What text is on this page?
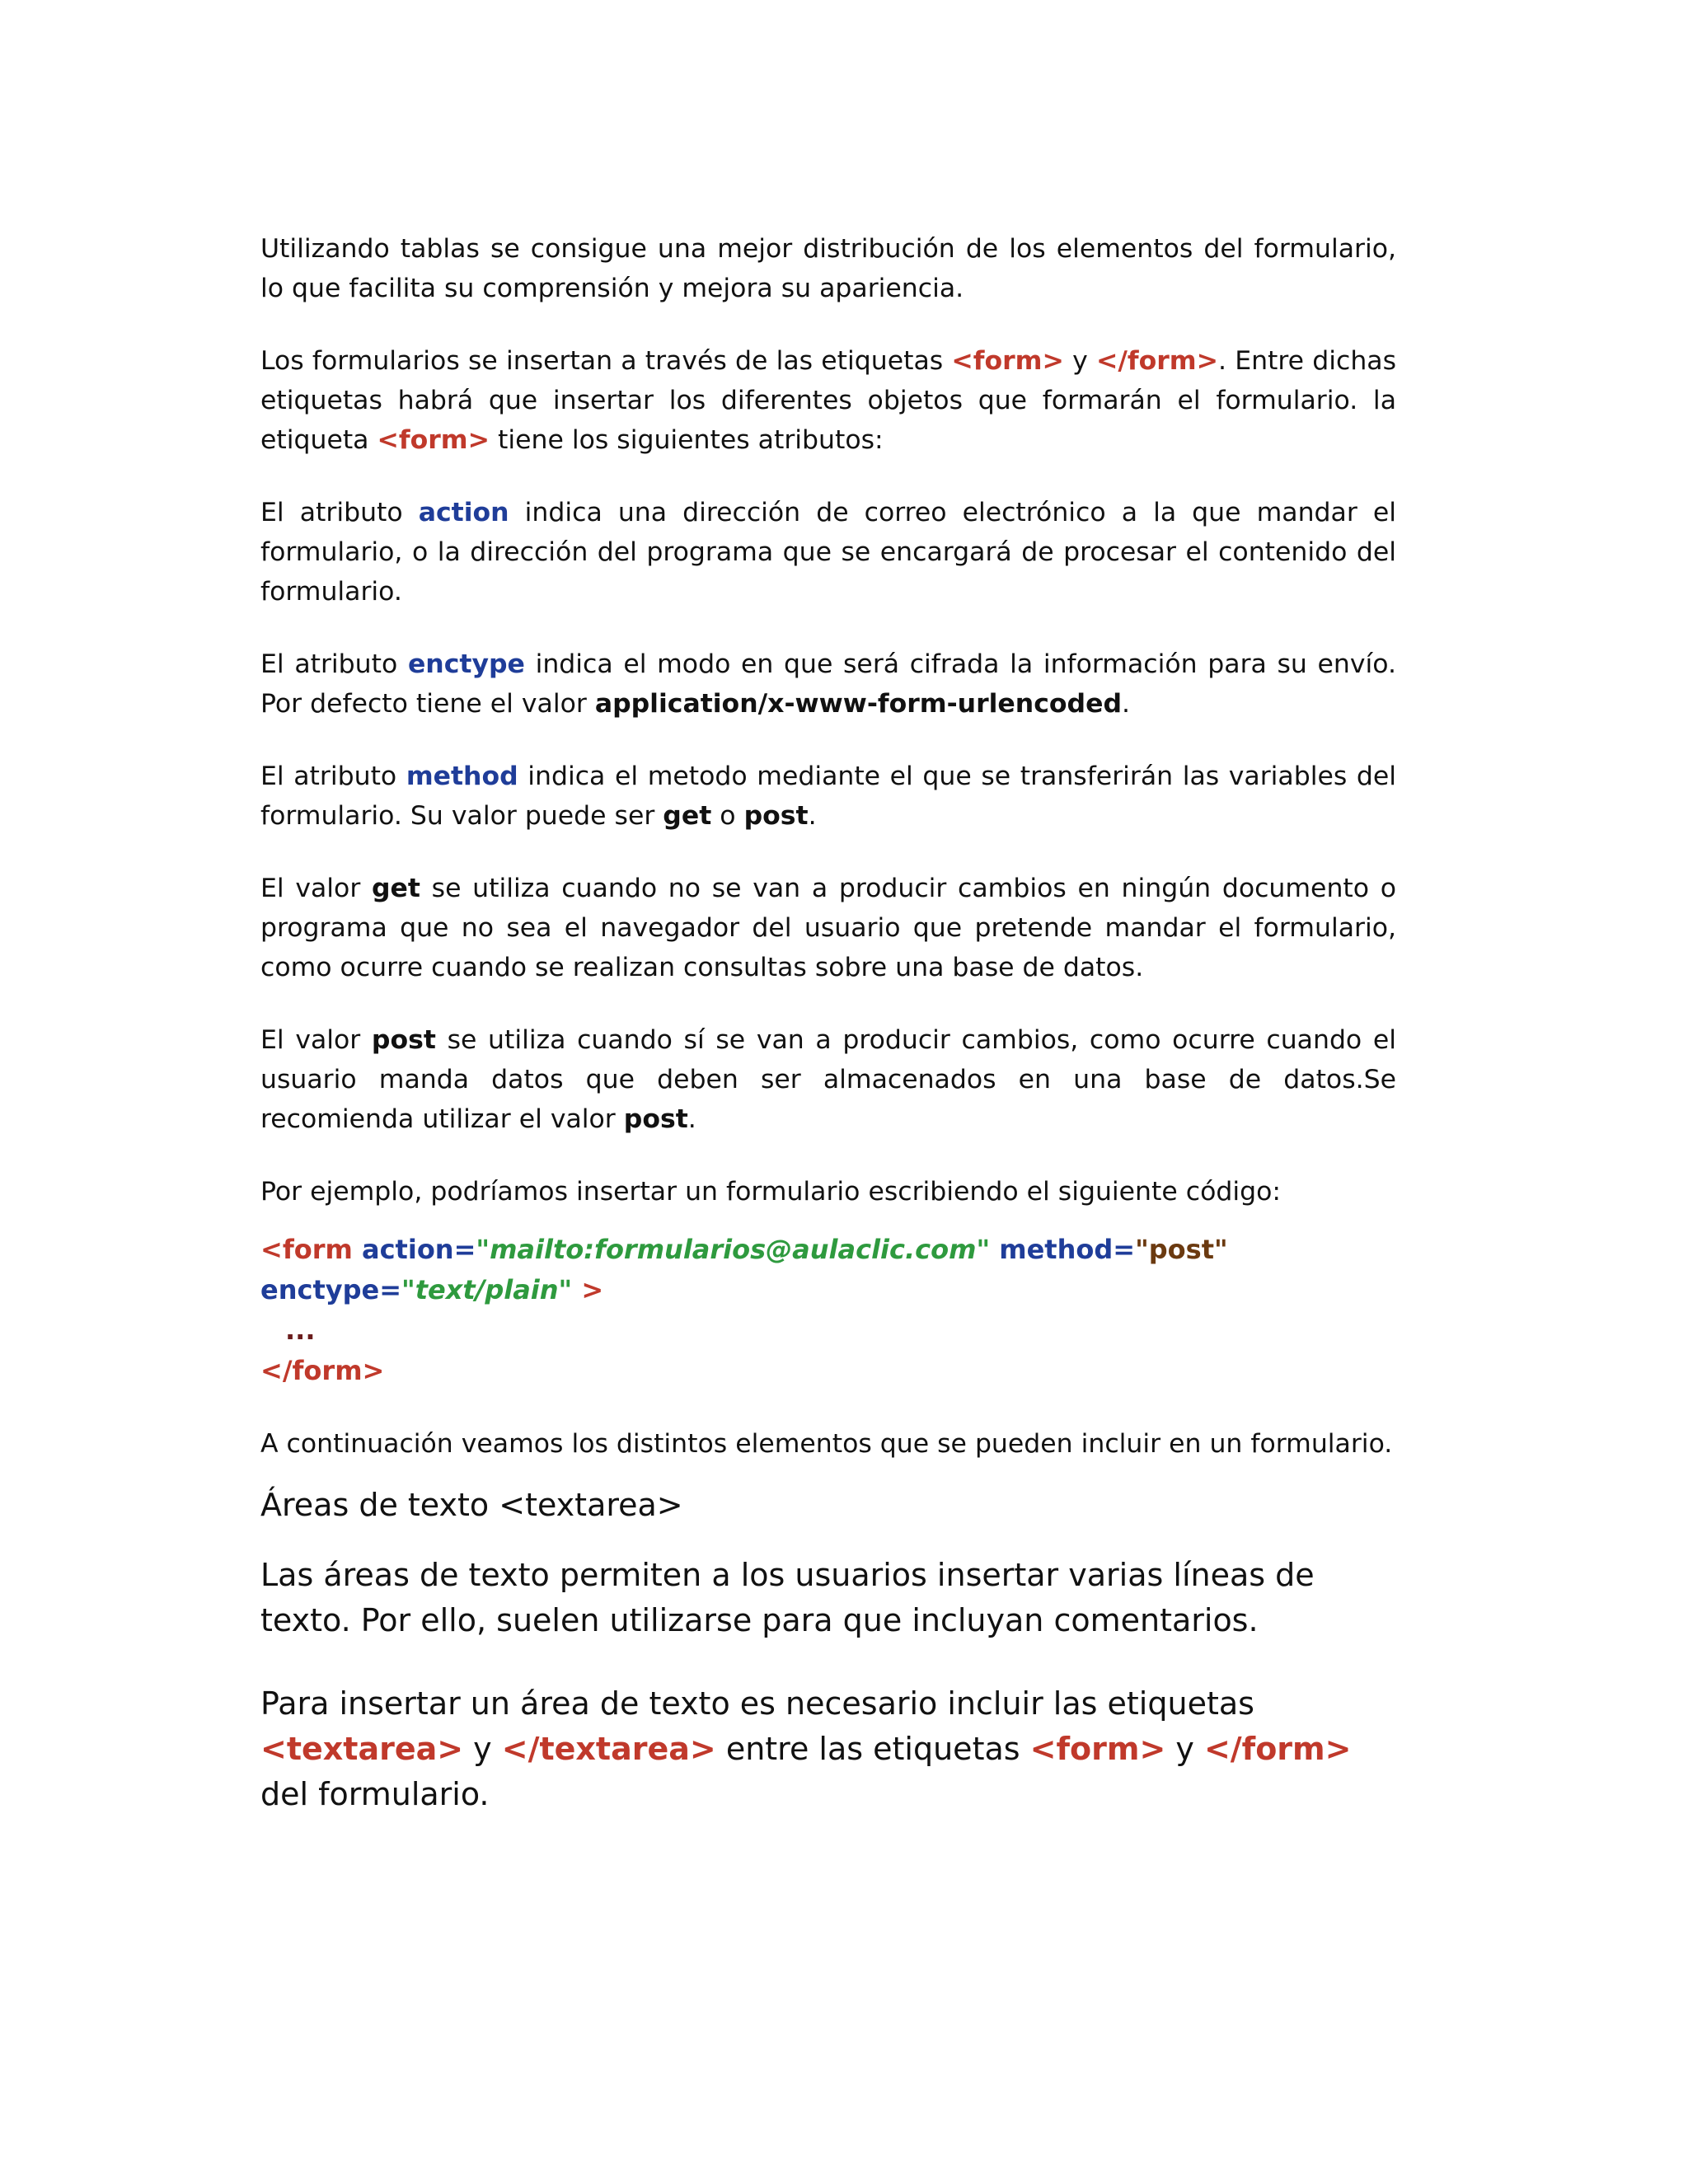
Utilizando tablas se consigue una mejor distribución de los elementos del formulario, lo que facilita su comprensión y mejora su apariencia.

Los formularios se insertan a través de las etiquetas <form> y </form>. Entre dichas etiquetas habrá que insertar los diferentes objetos que formarán el formulario. la etiqueta <form> tiene los siguientes atributos:

El atributo action indica una dirección de correo electrónico a la que mandar el formulario, o la dirección del programa que se encargará de procesar el contenido del formulario.

El atributo enctype indica el modo en que será cifrada la información para su envío. Por defecto tiene el valor application/x-www-form-urlencoded.

El atributo method indica el metodo mediante el que se transferirán las variables del formulario. Su valor puede ser get o post.

El valor get se utiliza cuando no se van a producir cambios en ningún documento o programa que no sea el navegador del usuario que pretende mandar el formulario, como ocurre cuando se realizan consultas sobre una base de datos.

El valor post se utiliza cuando sí se van a producir cambios, como ocurre cuando el usuario manda datos que deben ser almacenados en una base de datos.Se recomienda utilizar el valor post.

Por ejemplo, podríamos insertar un formulario escribiendo el siguiente código:

<form action="mailto:formularios@aulaclic.com" method="post"
enctype="text/plain" >
...
</form>

A continuación veamos los distintos elementos que se pueden incluir en un formulario.

Áreas de texto <textarea>

Las áreas de texto permiten a los usuarios insertar varias líneas de texto. Por ello, suelen utilizarse para que incluyan comentarios.

Para insertar un área de texto es necesario incluir las etiquetas <textarea> y </textarea> entre las etiquetas <form> y </form> del formulario.
